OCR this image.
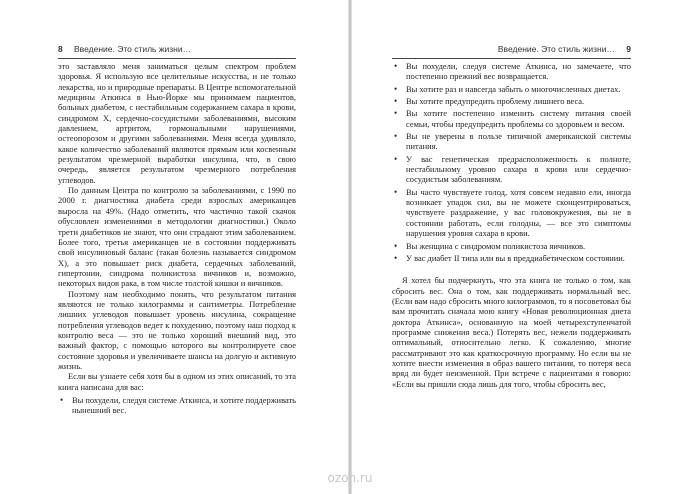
8 Введение. Это стиль жизни…

это заставляло меня заниматься целым спектром проблем здоровья. Я использую все целительные искусства, и не только лекарства, но и природные препараты. В Центре вспомогательной медицины Аткинса в Нью-Йорке мы принимаем пациентов, больных диабетом, с нестабильным содержанием сахара в крови, синдромом X, сердечно-сосудистыми заболеваниями, высоким давлением, артритом, гормональными нарушениями, остеопорозом и другими заболеваниями. Меня всегда удивляло, какое количество заболеваний являются прямым или косвенным результатом чрезмерной выработки инсулина, что, в свою очередь, является результатом чрезмерного потребления углеводов.

По данным Центра по контролю за заболеваниями, с 1990 по 2000 г. диагностика диабета среди взрослых американцев выросла на 49%. (Надо отметить, что частично такой скачок обусловлен изменениями в методологии диагностики.) Около трети диабетиков не знают, что они страдают этим заболеванием. Более того, третья американцев не в состоянии поддерживать свой инсулиновый баланс (такая болезнь называется синдромом X), а это повышает риск диабета, сердечных заболеваний, гипертонии, синдрома поликистоза яичников и, возможно, некоторых видов рака, в том числе толстой кишки и яичников.

Поэтому нам необходимо понять, что результатом питания являются не только килограммы и сантиметры. Потребление лишних углеводов повышает уровень инсулина, сокращение потребления углеводов ведет к похудению, поэтому наш подход к контролю веса — это не только хороший внешний вид, это важный фактор, с помощью которого вы контролируете свое состояние здоровья и увеличиваете шансы на долгую и активную жизнь.

Если вы узнаете себя хотя бы в одном из этих описаний, то эта книга написана для вас:

• Вы похудели, следуя системе Аткинса, и хотите поддерживать нынешний вес.
Введение. Это стиль жизни… 9
• Вы похудели, следуя системе Аткинса, но замечаете, что постепенно прежний вес возвращается.
• Вы хотите раз и навсегда забыть о многочисленных диетах.
• Вы хотите предупредить проблему лишнего веса.
• Вы хотите постепенно изменить систему питания своей семьи, чтобы предупредить проблемы со здоровьем и весом.
• Вы не уверены в пользе типичной американской системы питания.
• У вас генетическая предрасположенность к полноте, нестабильному уровню сахара в крови или сердечно-сосудистым заболеваниям.
• Вы часто чувствуете голод, хотя совсем недавно ели, иногда возникает упадок сил, вы не можете сконцентрироваться, чувствуете раздражение, у вас головокружения, вы не в состоянии работать, если голодны, — все это симптомы нарушения уровня сахара в крови.
• Вы женщина с синдромом поликистоза яичников.
• У вас диабет II типа или вы в преддиабетическом состоянии.

Я хотел бы подчеркнуть, что эта книга не только о том, как сбросить вес. Она о том, как поддерживать нормальный вес. (Если вам надо сбросить много килограммов, то я посоветовал бы вам прочитать сначала мою книгу «Новая революционная диета доктора Аткинса», основанную на моей четырехступенчатой программе снижения веса.) Потерять вес, нежели поддерживать оптимальный, относительно легко. К сожалению, многие рассматривают это как краткосрочную программу. Но если вы не хотите внести изменения в образ вашего питания, то потеря веса вряд ли будет неизменной. При встрече с пациентами я говорю: «Если вы пришли сюда лишь для того, чтобы сбросить вес,

ozon.ru
